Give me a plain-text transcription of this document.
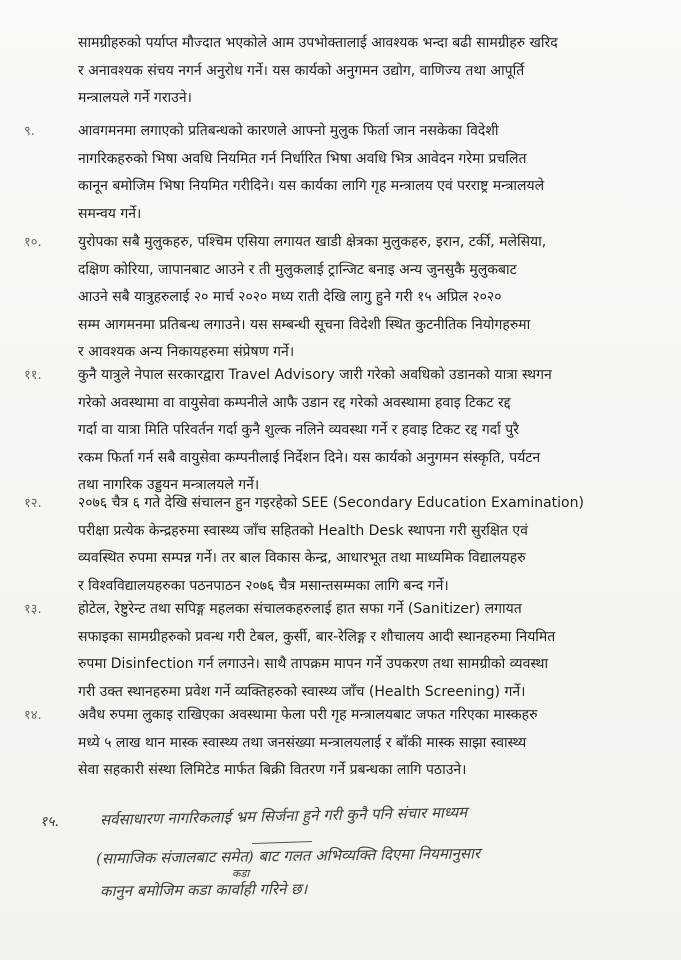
सामग्रीहरुको पर्याप्त मौज्दात भएकोले आम उपभोक्तालाई आवश्यक भन्दा बढी सामग्रीहरु खरिद
र अनावश्यक संचय नगर्न अनुरोध गर्ने। यस कार्यको अनुगमन उद्योग, वाणिज्य तथा आपूर्ति
मन्त्रालयले गर्ने गराउने।
९.	आवगमनमा लगाएको प्रतिबन्धको कारणले आफ्नो मुलुक फिर्ता जान नसकेका विदेशी
नागरिकहरुको भिषा अवधि नियमित गर्न निर्धारित भिषा अवधि भित्र आवेदन गरेमा प्रचलित
कानून बमोजिम भिषा नियमित गरीदिने। यस कार्यका लागि गृह मन्त्रालय एवं परराष्ट्र मन्त्रालयले
समन्वय गर्ने।
१०.	युरोपका सबै मुलुकहरु, पश्चिम एसिया लगायत खाडी क्षेत्रका मुलुकहरु, इरान, टर्की, मलेसिया,
दक्षिण कोरिया, जापानबाट आउने र ती मुलुकलाई ट्रान्जिट बनाइ अन्य जुनसुकै मुलुकबाट
आउने सबै यात्रुहरुलाई २० मार्च २०२० मध्य राती देखि लागु हुने गरी १५ अप्रिल २०२०
सम्म आगमनमा प्रतिबन्ध लगाउने। यस सम्बन्धी सूचना विदेशी स्थित कुटनीतिक नियोगहरुमा
र आवश्यक अन्य निकायहरुमा संप्रेषण गर्ने।
११.	कुनै यात्रुले नेपाल सरकारद्वारा Travel Advisory जारी गरेको अवधिको उडानको यात्रा स्थगन
गरेको अवस्थामा वा वायुसेवा कम्पनीले आफै उडान रद्द गरेको अवस्थामा हवाइ टिकट रद्द
गर्दा वा यात्रा मिति परिवर्तन गर्दा कुनै शुल्क नलिने व्यवस्था गर्ने र हवाइ टिकट रद्द गर्दा पुरै
रकम फिर्ता गर्न सबै वायुसेवा कम्पनीलाई निर्देशन दिने। यस कार्यको अनुगमन संस्कृति, पर्यटन
तथा नागरिक उड्डयन मन्त्रालयले गर्ने।
१२.	२०७६ चैत्र ६ गते देखि संचालन हुन गइरहेको SEE (Secondary Education Examination)
परीक्षा प्रत्येक केन्द्रहरुमा स्वास्थ्य जाँच सहितको Health Desk स्थापना गरी सुरक्षित एवं
व्यवस्थित रुपमा सम्पन्न गर्ने। तर बाल विकास केन्द्र, आधारभूत तथा माध्यमिक विद्यालयहरु
र विश्वविद्यालयहरुका पठनपाठन २०७६ चैत्र मसान्तसम्मका लागि बन्द गर्ने।
१३.	होटेल, रेष्टुरेन्ट तथा सपिङ्ग महलका संचालकहरुलाई हात सफा गर्ने (Sanitizer) लगायत
सफाइका सामग्रीहरुको प्रवन्ध गरी टेबल, कुर्सी, बार-रेलिङ्ग र शौचालय आदी स्थानहरुमा नियमित
रुपमा Disinfection गर्न लगाउने। साथै तापक्रम मापन गर्ने उपकरण तथा सामग्रीको व्यवस्था
गरी उक्त स्थानहरुमा प्रवेश गर्ने व्यक्तिहरुको स्वास्थ्य जाँच (Health Screening) गर्ने।
१४.	अवैध रुपमा लुकाइ राखिएका अवस्थामा फेला परी गृह मन्त्रालयबाट जफत गरिएका मास्कहरु
मध्ये ५ लाख थान मास्क स्वास्थ्य तथा जनसंख्या मन्त्रालयलाई र बाँकी मास्क साझा स्वास्थ्य
सेवा सहकारी संस्था लिमिटेड मार्फत बिक्री वितरण गर्ने प्रबन्धका लागि पठाउने।
१५.	सर्वसाधारण नागरिकलाई भ्रम सिर्जना हुने गरी कुनै पनि संचार माध्यम
(सामाजिक संजालबाट समेत) बाट गलत अभिव्यक्ति दिएमा नियमानुसार
कडा
कानुन बमोजिम कडा कार्वाही गरिने छ।
